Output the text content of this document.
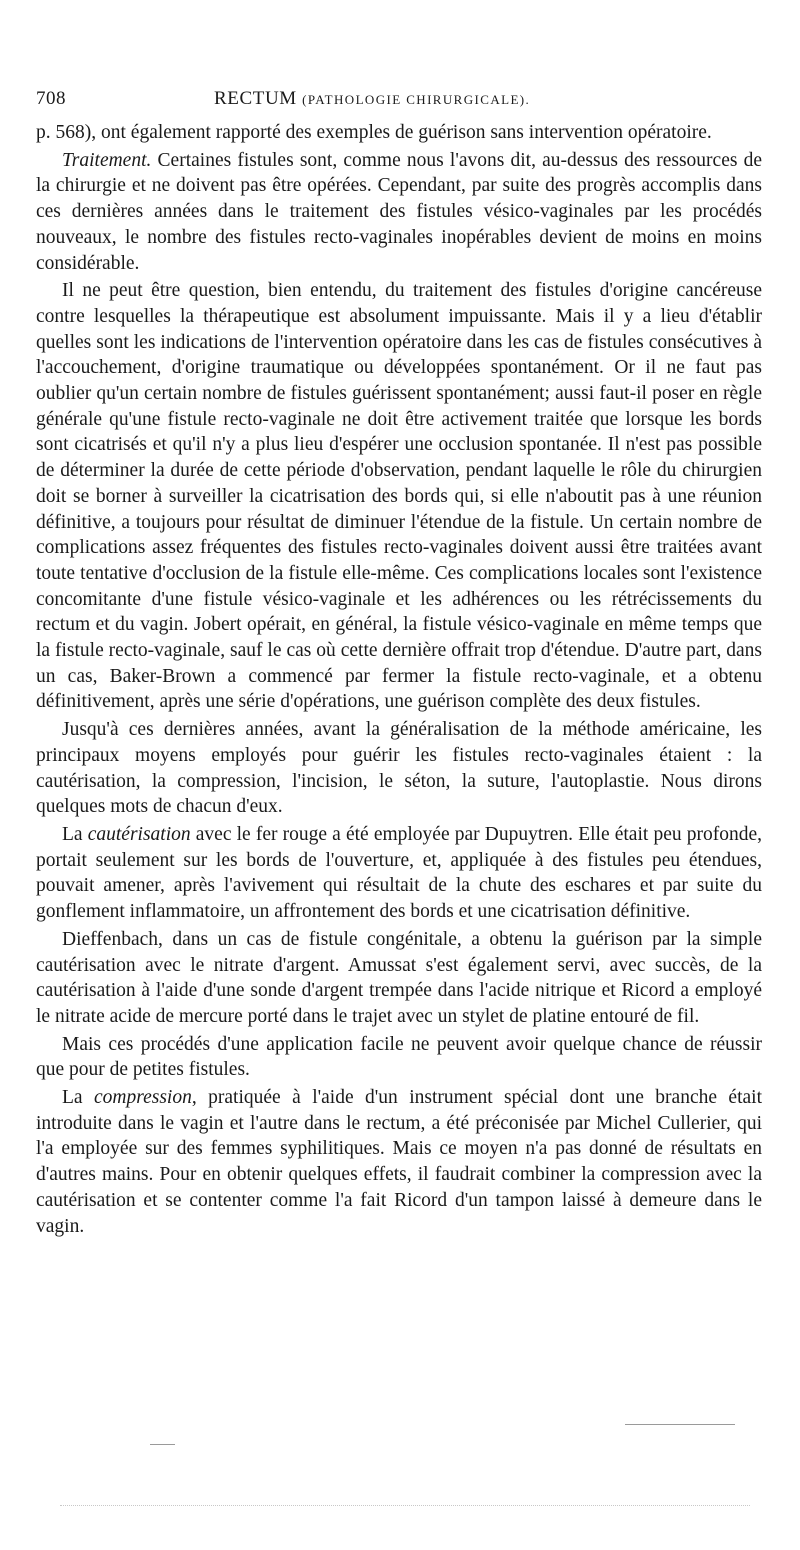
708	RECTUM (PATHOLOGIE CHIRURGICALE).

p. 568), ont également rapporté des exemples de guérison sans intervention opératoire.

Traitement. Certaines fistules sont, comme nous l'avons dit, au-dessus des ressources de la chirurgie et ne doivent pas être opérées. Cependant, par suite des progrès accomplis dans ces dernières années dans le traitement des fistules vésico-vaginales par les procédés nouveaux, le nombre des fistules recto-vaginales inopérables devient de moins en moins considérable.

Il ne peut être question, bien entendu, du traitement des fistules d'origine cancéreuse contre lesquelles la thérapeutique est absolument impuissante. Mais il y a lieu d'établir quelles sont les indications de l'intervention opératoire dans les cas de fistules consécutives à l'accouchement, d'origine traumatique ou développées spontanément. Or il ne faut pas oublier qu'un certain nombre de fistules guérissent spontanément; aussi faut-il poser en règle générale qu'une fistule recto-vaginale ne doit être activement traitée que lorsque les bords sont cicatrisés et qu'il n'y a plus lieu d'espérer une occlusion spontanée. Il n'est pas possible de déterminer la durée de cette période d'observation, pendant laquelle le rôle du chirurgien doit se borner à surveiller la cicatrisation des bords qui, si elle n'aboutit pas à une réunion définitive, a toujours pour résultat de diminuer l'étendue de la fistule. Un certain nombre de complications assez fréquentes des fistules recto-vaginales doivent aussi être traitées avant toute tentative d'occlusion de la fistule elle-même. Ces complications locales sont l'existence concomitante d'une fistule vésico-vaginale et les adhérences ou les rétrécissements du rectum et du vagin. Jobert opérait, en général, la fistule vésico-vaginale en même temps que la fistule recto-vaginale, sauf le cas où cette dernière offrait trop d'étendue. D'autre part, dans un cas, Baker-Brown a commencé par fermer la fistule recto-vaginale, et a obtenu définitivement, après une série d'opérations, une guérison complète des deux fistules.

Jusqu'à ces dernières années, avant la généralisation de la méthode américaine, les principaux moyens employés pour guérir les fistules recto-vaginales étaient : la cautérisation, la compression, l'incision, le séton, la suture, l'autoplastie. Nous dirons quelques mots de chacun d'eux.

La cautérisation avec le fer rouge a été employée par Dupuytren. Elle était peu profonde, portait seulement sur les bords de l'ouverture, et, appliquée à des fistules peu étendues, pouvait amener, après l'avivement qui résultait de la chute des eschares et par suite du gonflement inflammatoire, un affrontement des bords et une cicatrisation définitive.

Dieffenbach, dans un cas de fistule congénitale, a obtenu la guérison par la simple cautérisation avec le nitrate d'argent. Amussat s'est également servi, avec succès, de la cautérisation à l'aide d'une sonde d'argent trempée dans l'acide nitrique et Ricord a employé le nitrate acide de mercure porté dans le trajet avec un stylet de platine entouré de fil.

Mais ces procédés d'une application facile ne peuvent avoir quelque chance de réussir que pour de petites fistules.

La compression, pratiquée à l'aide d'un instrument spécial dont une branche était introduite dans le vagin et l'autre dans le rectum, a été préconisée par Michel Cullerier, qui l'a employée sur des femmes syphilitiques. Mais ce moyen n'a pas donné de résultats en d'autres mains. Pour en obtenir quelques effets, il faudrait combiner la compression avec la cautérisation et se contenter comme l'a fait Ricord d'un tampon laissé à demeure dans le vagin.
